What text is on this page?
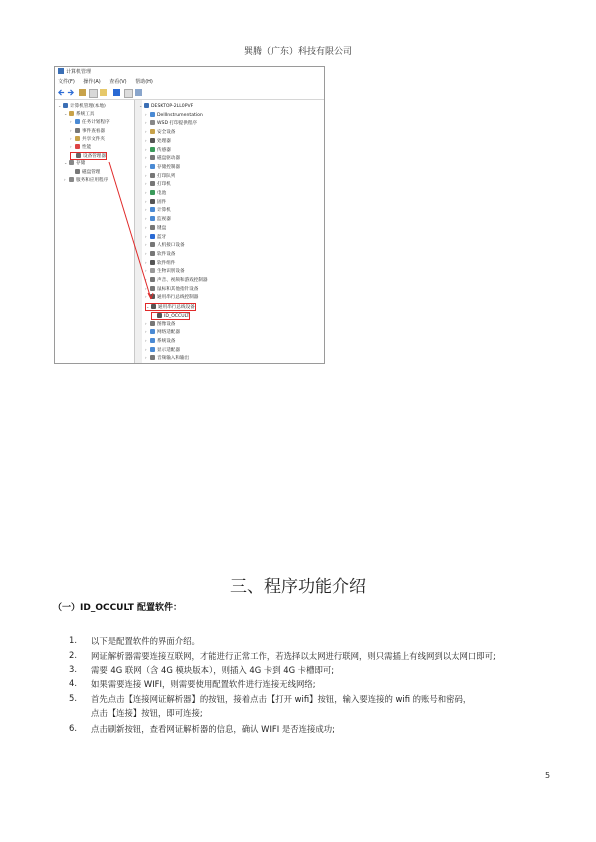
巽腾（广东）科技有限公司
计算机管理
文件(F) 操作(A) 查看(V) 帮助(H)
⌄ 计算机管理(本地)
⌄ 系统工具
› 任务计划程序
› 事件查看器
› 共享文件夹
› 性能
设备管理器
⌄ 存储
磁盘管理
› 服务和应用程序
⌄ DESKTOP-2LL0PVF
› DellInstrumentation
› WSD 打印提供程序
› 安全设备
› 处理器
› 传感器
› 磁盘驱动器
› 存储控制器
› 打印队列
› 打印机
› 电池
› 固件
› 计算机
› 监视器
› 键盘
› 蓝牙
› 人机接口设备
› 软件设备
› 软件组件
› 生物识别设备
› 声音、视频和游戏控制器
› 鼠标和其他指针设备
› 通用串行总线控制器
⌄ 通用串行总线设备
ID_OCCULT
› 图像设备
› 网络适配器
› 系统设备
› 显示适配器
› 音频输入和输出
三、程序功能介绍
（一）ID_OCCULT 配置软件：
1. 以下是配置软件的界面介绍。
2. 网证解析器需要连接互联网，才能进行正常工作，若选择以太网进行联网，则只需插上有线网到以太网口即可;
3. 需要 4G 联网（含 4G 模块版本），则插入 4G 卡到 4G 卡槽即可;
4. 如果需要连接 WIFI，则需要使用配置软件进行连接无线网络;
5. 首先点击【连接网证解析器】的按钮，接着点击【打开 wifi】按钮，输入要连接的 wifi 的账号和密码，
点击【连接】按钮，即可连接;
6. 点击刷新按钮，查看网证解析器的信息，确认 WIFI 是否连接成功;
5
